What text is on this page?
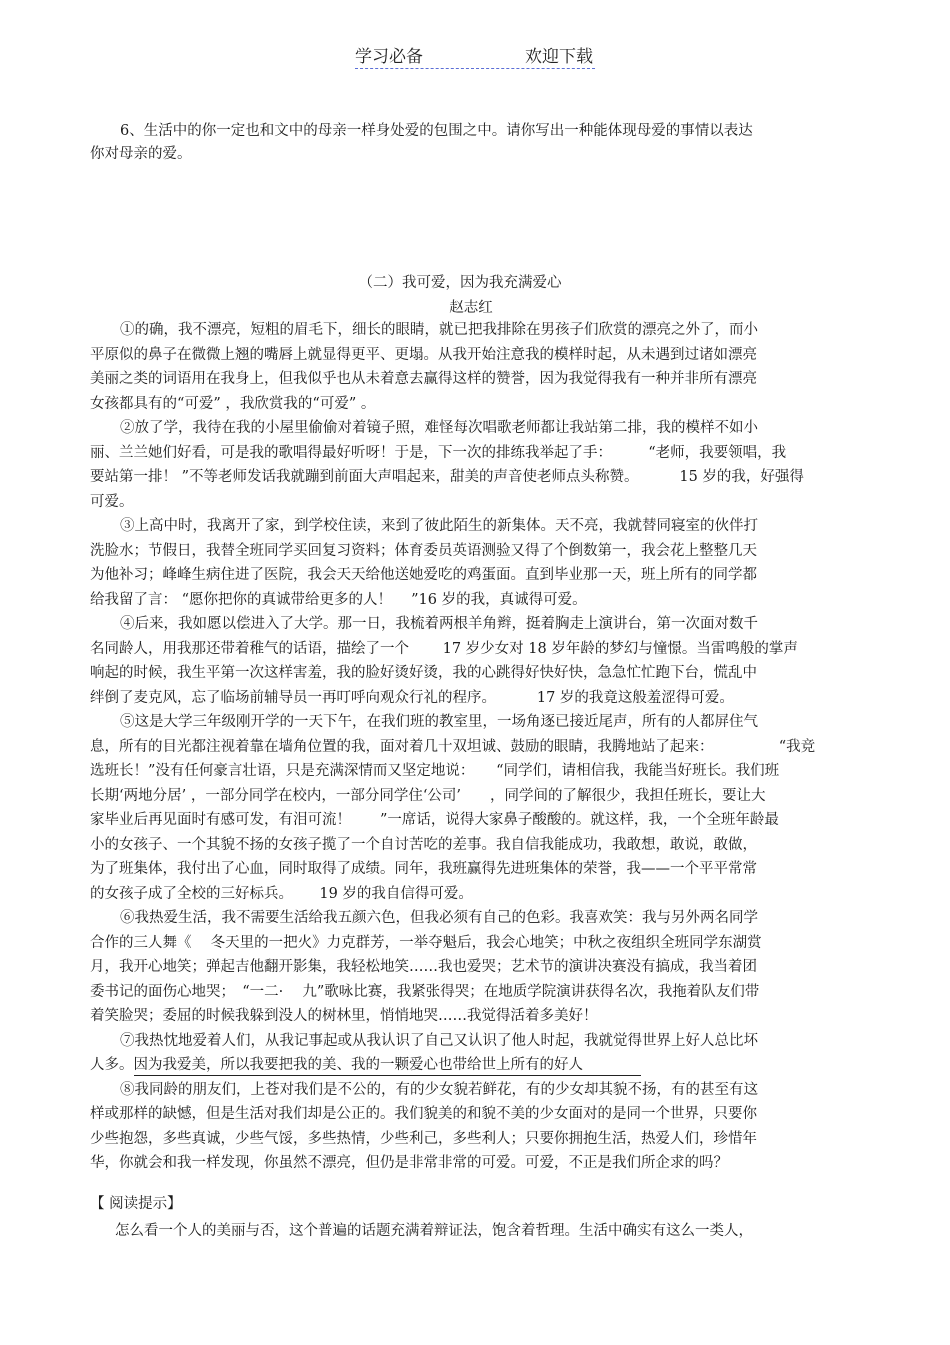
学习必备	欢迎下载
6、生活中的你一定也和文中的母亲一样身处爱的包围之中。请你写出一种能体现母爱的事情以表达
你对母亲的爱。
（二）我可爱，因为我充满爱心
赵志红
①的确，我不漂亮，短粗的眉毛下，细长的眼睛，就已把我排除在男孩子们欣赏的漂亮之外了，而小
平原似的鼻子在微微上翘的嘴唇上就显得更平、更塌。从我开始注意我的模样时起，从未遇到过诸如漂亮
美丽之类的词语用在我身上，但我似乎也从未着意去赢得这样的赞誉，因为我觉得我有一种并非所有漂亮
女孩都具有的“可爱” ，我欣赏我的“可爱” 。
②放了学，我待在我的小屋里偷偷对着镜子照，难怪每次唱歌老师都让我站第二排，我的模样不如小
丽、兰兰她们好看，可是我的歌唱得最好听呀！于是，下一次的排练我举起了手：　　　“老师，我要领唱，我
要站第一排！ ”不等老师发话我就蹦到前面大声唱起来，甜美的声音使老师点头称赞。　　　 15 岁的我，好强得
可爱。
③上高中时，我离开了家，到学校住读，来到了彼此陌生的新集体。天不亮，我就替同寝室的伙伴打
洗脸水；节假日，我替全班同学买回复习资料；体育委员英语测验又得了个倒数第一，我会花上整整几天
为他补习；峰峰生病住进了医院，我会天天给他送她爱吃的鸡蛋面。直到毕业那一天，班上所有的同学都
给我留了言： “愿你把你的真诚带给更多的人！　 ”16 岁的我，真诚得可爱。
④后来，我如愿以偿进入了大学。那一日，我梳着两根羊角辫，挺着胸走上演讲台，第一次面对数千
名同龄人，用我那还带着稚气的话语，描绘了一个　　 17 岁少女对 18 岁年龄的梦幻与憧憬。当雷鸣般的掌声
响起的时候，我生平第一次这样害羞，我的脸好烫好烫，我的心跳得好快好快，急急忙忙跑下台，慌乱中
绊倒了麦克风，忘了临场前辅导员一再叮呼向观众行礼的程序。　　　 17 岁的我竟这般羞涩得可爱。
⑤这是大学三年级刚开学的一天下午，在我们班的教室里，一场角逐已接近尾声，所有的人都屏住气
息，所有的目光都注视着靠在墙角位置的我，面对着几十双坦诚、鼓励的眼睛，我腾地站了起来：　　　　　“我竞
选班长！”没有任何豪言壮语，只是充满深情而又坚定地说：　　“同学们，请相信我，我能当好班长。我们班
长期‘两地分居’ ，一部分同学在校内，一部分同学住‘公司’　　，同学间的了解很少，我担任班长，要让大
家毕业后再见面时有感可发，有泪可流！　　”一席话，说得大家鼻子酸酸的。就这样，我，一个全班年龄最
小的女孩子、一个其貌不扬的女孩子揽了一个自讨苦吃的差事。我自信我能成功，我敢想，敢说，敢做，
为了班集体，我付出了心血，同时取得了成绩。同年，我班赢得先进班集体的荣誉，我——一个平平常常
的女孩子成了全校的三好标兵。　　 19 岁的我自信得可爱。
⑥我热爱生活，我不需要生活给我五颜六色，但我必须有自己的色彩。我喜欢笑：我与另外两名同学
合作的三人舞《　 冬天里的一把火》力克群芳，一举夺魁后，我会心地笑；中秋之夜组织全班同学东湖赏
月，我开心地笑；弹起吉他翻开影集，我轻松地笑……我也爱哭；艺术节的演讲决赛没有搞成，我当着团
委书记的面伤心地哭；　“一二·　 九”歌咏比赛，我紧张得哭；在地质学院演讲获得名次，我拖着队友们带
着笑脸哭；委屈的时候我躲到没人的树林里，悄悄地哭……我觉得活着多美好！
⑦我热忱地爱着人们，从我记事起或从我认识了自己又认识了他人时起，我就觉得世界上好人总比坏
人多。因为我爱美，所以我要把我的美、我的一颗爱心也带给世上所有的好人　　　　
⑧我同龄的朋友们，上苍对我们是不公的，有的少女貌若鲜花，有的少女却其貌不扬，有的甚至有这
样或那样的缺憾，但是生活对我们却是公正的。我们貌美的和貌不美的少女面对的是同一个世界，只要你
少些抱怨，多些真诚，少些气馁，多些热情，少些利己，多些利人；只要你拥抱生活，热爱人们，珍惜年
华，你就会和我一样发现，你虽然不漂亮，但仍是非常非常的可爱。可爱，不正是我们所企求的吗？
【 阅读提示】
怎么看一个人的美丽与否，这个普遍的话题充满着辩证法，饱含着哲理。生活中确实有这么一类人，
